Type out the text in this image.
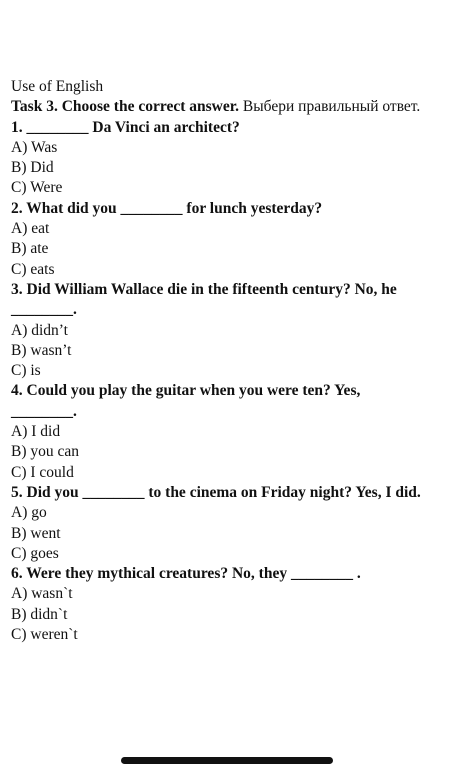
Use of English

Task 3. Choose the correct answer. Выбери правильный ответ.

1. ________ Da Vinci an architect?

A) Was

B) Did

C) Were

2. What did you ________ for lunch yesterday?

A) eat

B) ate

C) eats

3. Did William Wallace die in the fifteenth century? No, he

________.

A) didn’t

B) wasn’t

C) is

4. Could you play the guitar when you were ten? Yes,

________.

A) I did

B) you can

C) I could

5. Did you ________ to the cinema on Friday night? Yes, I did.

A) go

B) went

C) goes

6. Were they mythical creatures? No, they ________ .

A) wasn`t

B) didn`t

C) weren`t
